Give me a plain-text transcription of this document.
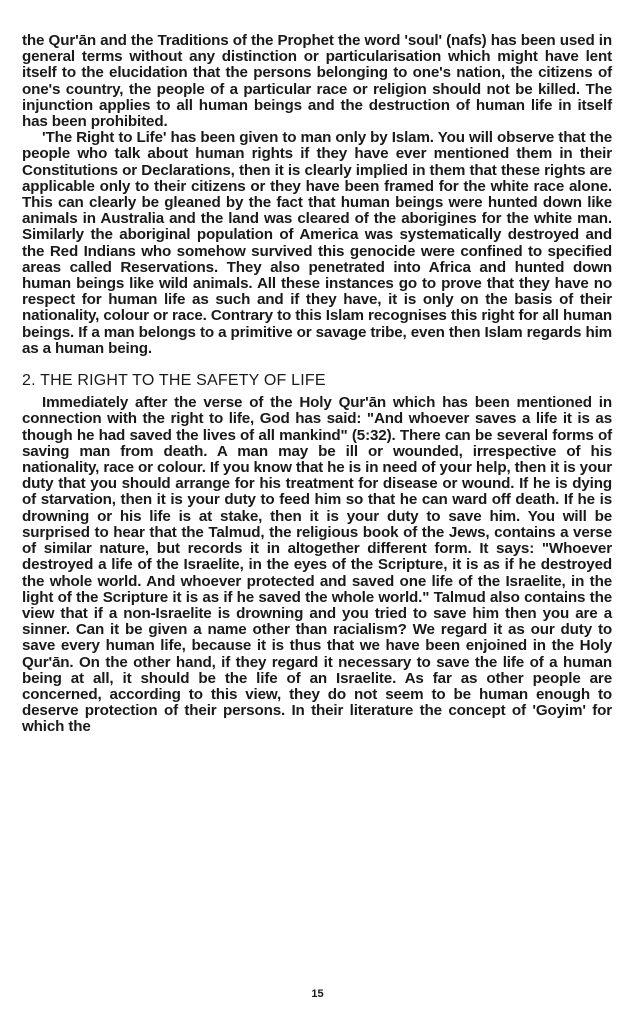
the Qur'ān and the Traditions of the Prophet the word 'soul' (nafs) has been used in general terms without any distinction or particularisation which might have lent itself to the elucidation that the persons belonging to one's nation, the citizens of one's country, the people of a particular race or religion should not be killed. The injunction applies to all human beings and the destruction of human life in itself has been prohibited.

'The Right to Life' has been given to man only by Islam. You will observe that the people who talk about human rights if they have ever mentioned them in their Constitutions or Declarations, then it is clearly implied in them that these rights are applicable only to their citizens or they have been framed for the white race alone. This can clearly be gleaned by the fact that human beings were hunted down like animals in Australia and the land was cleared of the aborigines for the white man. Similarly the aboriginal population of America was systematically destroyed and the Red Indians who somehow survived this genocide were confined to specified areas called Reservations. They also penetrated into Africa and hunted down human beings like wild animals. All these instances go to prove that they have no respect for human life as such and if they have, it is only on the basis of their nationality, colour or race. Contrary to this Islam recognises this right for all human beings. If a man belongs to a primitive or savage tribe, even then Islam regards him as a human being.

2. THE RIGHT TO THE SAFETY OF LIFE

Immediately after the verse of the Holy Qur'ān which has been mentioned in connection with the right to life, God has said: "And whoever saves a life it is as though he had saved the lives of all mankind" (5:32). There can be several forms of saving man from death. A man may be ill or wounded, irrespective of his nationality, race or colour. If you know that he is in need of your help, then it is your duty that you should arrange for his treatment for disease or wound. If he is dying of starvation, then it is your duty to feed him so that he can ward off death. If he is drowning or his life is at stake, then it is your duty to save him. You will be surprised to hear that the Talmud, the religious book of the Jews, contains a verse of similar nature, but records it in altogether different form. It says: "Whoever destroyed a life of the Israelite, in the eyes of the Scripture, it is as if he destroyed the whole world. And whoever protected and saved one life of the Israelite, in the light of the Scripture it is as if he saved the whole world." Talmud also contains the view that if a non-Israelite is drowning and you tried to save him then you are a sinner. Can it be given a name other than racialism? We regard it as our duty to save every human life, because it is thus that we have been enjoined in the Holy Qur'ān. On the other hand, if they regard it necessary to save the life of a human being at all, it should be the life of an Israelite. As far as other people are concerned, according to this view, they do not seem to be human enough to deserve protection of their persons. In their literature the concept of 'Goyim' for which the

15
